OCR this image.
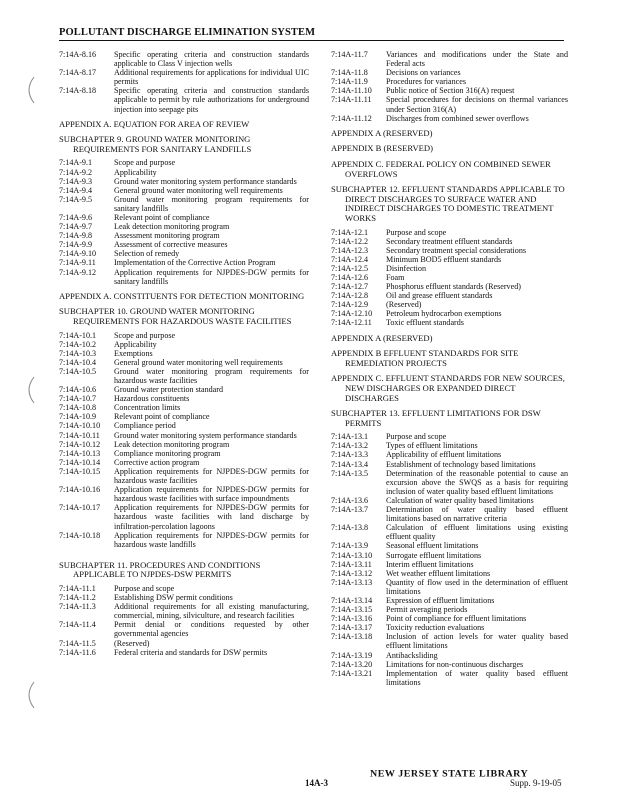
POLLUTANT DISCHARGE ELIMINATION SYSTEM
7:14A-8.16	Specific operating criteria and construction standards applicable to Class V injection wells
7:14A-8.17	Additional requirements for applications for individual UIC permits
7:14A-8.18	Specific operating criteria and construction standards applicable to permit by rule authorizations for underground injection into seepage pits
APPENDIX A. EQUATION FOR AREA OF REVIEW
SUBCHAPTER 9. GROUND WATER MONITORING REQUIREMENTS FOR SANITARY LANDFILLS
7:14A-9.1	Scope and purpose
7:14A-9.2	Applicability
7:14A-9.3	Ground water monitoring system performance standards
7:14A-9.4	General ground water monitoring well requirements
7:14A-9.5	Ground water monitoring program requirements for sanitary landfills
7:14A-9.6	Relevant point of compliance
7:14A-9.7	Leak detection monitoring program
7:14A-9.8	Assessment monitoring program
7:14A-9.9	Assessment of corrective measures
7:14A-9.10	Selection of remedy
7:14A-9.11	Implementation of the Corrective Action Program
7:14A-9.12	Application requirements for NJPDES-DGW permits for sanitary landfills
APPENDIX A. CONSTITUENTS FOR DETECTION MONITORING
SUBCHAPTER 10. GROUND WATER MONITORING REQUIREMENTS FOR HAZARDOUS WASTE FACILITIES
7:14A-10.1	Scope and purpose
7:14A-10.2	Applicability
7:14A-10.3	Exemptions
7:14A-10.4	General ground water monitoring well requirements
7:14A-10.5	Ground water monitoring program requirements for hazardous waste facilities
7:14A-10.6	Ground water protection standard
7:14A-10.7	Hazardous constituents
7:14A-10.8	Concentration limits
7:14A-10.9	Relevant point of compliance
7:14A-10.10	Compliance period
7:14A-10.11	Ground water monitoring system performance standards
7:14A-10.12	Leak detection monitoring program
7:14A-10.13	Compliance monitoring program
7:14A-10.14	Corrective action program
7:14A-10.15	Application requirements for NJPDES-DGW permits for hazardous waste facilities
7:14A-10.16	Application requirements for NJPDES-DGW permits for hazardous waste facilities with surface impoundments
7:14A-10.17	Application requirements for NJPDES-DGW permits for hazardous waste facilities with land discharge by infiltration-percolation lagoons
7:14A-10.18	Application requirements for NJPDES-DGW permits for hazardous waste landfills
SUBCHAPTER 11. PROCEDURES AND CONDITIONS APPLICABLE TO NJPDES-DSW PERMITS
7:14A-11.1	Purpose and scope
7:14A-11.2	Establishing DSW permit conditions
7:14A-11.3	Additional requirements for all existing manufacturing, commercial, mining, silviculture, and research facilities
7:14A-11.4	Permit denial or conditions requested by other governmental agencies
7:14A-11.5	(Reserved)
7:14A-11.6	Federal criteria and standards for DSW permits
7:14A-11.7	Variances and modifications under the State and Federal acts
7:14A-11.8	Decisions on variances
7:14A-11.9	Procedures for variances
7:14A-11.10	Public notice of Section 316(A) request
7:14A-11.11	Special procedures for decisions on thermal variances under Section 316(A)
7:14A-11.12	Discharges from combined sewer overflows
APPENDIX A (RESERVED)
APPENDIX B (RESERVED)
APPENDIX C. FEDERAL POLICY ON COMBINED SEWER OVERFLOWS
SUBCHAPTER 12. EFFLUENT STANDARDS APPLICABLE TO DIRECT DISCHARGES TO SURFACE WATER AND INDIRECT DISCHARGES TO DOMESTIC TREATMENT WORKS
7:14A-12.1	Purpose and scope
7:14A-12.2	Secondary treatment effluent standards
7:14A-12.3	Secondary treatment special considerations
7:14A-12.4	Minimum BOD5 effluent standards
7:14A-12.5	Disinfection
7:14A-12.6	Foam
7:14A-12.7	Phosphorus effluent standards (Reserved)
7:14A-12.8	Oil and grease effluent standards
7:14A-12.9	(Reserved)
7:14A-12.10	Petroleum hydrocarbon exemptions
7:14A-12.11	Toxic effluent standards
APPENDIX A (RESERVED)
APPENDIX B EFFLUENT STANDARDS FOR SITE REMEDIATION PROJECTS
APPENDIX C. EFFLUENT STANDARDS FOR NEW SOURCES, NEW DISCHARGES OR EXPANDED DIRECT DISCHARGES
SUBCHAPTER 13. EFFLUENT LIMITATIONS FOR DSW PERMITS
7:14A-13.1	Purpose and scope
7:14A-13.2	Types of effluent limitations
7:14A-13.3	Applicability of effluent limitations
7:14A-13.4	Establishment of technology based limitations
7:14A-13.5	Determination of the reasonable potential to cause an excursion above the SWQS as a basis for requiring inclusion of water quality based effluent limitations
7:14A-13.6	Calculation of water quality based limitations
7:14A-13.7	Determination of water quality based effluent limitations based on narrative criteria
7:14A-13.8	Calculation of effluent limitations using existing effluent quality
7:14A-13.9	Seasonal effluent limitations
7:14A-13.10	Surrogate effluent limitations
7:14A-13.11	Interim effluent limitations
7:14A-13.12	Wet weather effluent limitations
7:14A-13.13	Quantity of flow used in the determination of effluent limitations
7:14A-13.14	Expression of effluent limitations
7:14A-13.15	Permit averaging periods
7:14A-13.16	Point of compliance for effluent limitations
7:14A-13.17	Toxicity reduction evaluations
7:14A-13.18	Inclusion of action levels for water quality based effluent limitations
7:14A-13.19	Antibacksliding
7:14A-13.20	Limitations for non-continuous discharges
7:14A-13.21	Implementation of water quality based effluent limitations
14A-3
NEW JERSEY STATE LIBRARY
Supp. 9-19-05
